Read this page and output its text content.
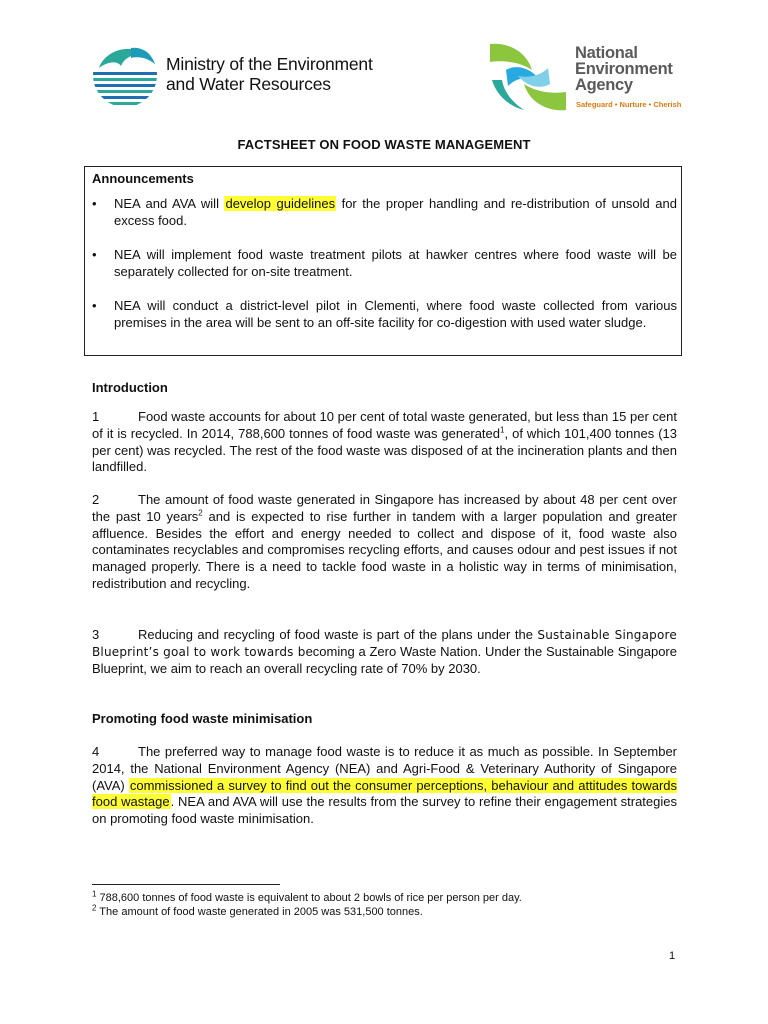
Ministry of the Environment
and Water Resources
National
Environment
Agency
Safeguard • Nurture • Cherish
FACTSHEET ON FOOD WASTE MANAGEMENT
Announcements
• NEA and AVA will develop guidelines for the proper handling and re-distribution of unsold and excess food.
• NEA will implement food waste treatment pilots at hawker centres where food waste will be separately collected for on-site treatment.
• NEA will conduct a district-level pilot in Clementi, where food waste collected from various premises in the area will be sent to an off-site facility for co-digestion with used water sludge.
Introduction

1	Food waste accounts for about 10 per cent of total waste generated, but less than 15 per cent of it is recycled. In 2014, 788,600 tonnes of food waste was generated$^1$, of which 101,400 tonnes (13 per cent) was recycled. The rest of the food waste was disposed of at the incineration plants and then landfilled.

2	The amount of food waste generated in Singapore has increased by about 48 per cent over the past 10 years$^2$ and is expected to rise further in tandem with a larger population and greater affluence. Besides the effort and energy needed to collect and dispose of it, food waste also contaminates recyclables and compromises recycling efforts, and causes odour and pest issues if not managed properly. There is a need to tackle food waste in a holistic way in terms of minimisation, redistribution and recycling.

3	Reducing and recycling of food waste is part of the plans under the Sustainable Singapore Blueprint’s goal to work towards becoming a Zero Waste Nation. Under the Sustainable Singapore Blueprint, we aim to reach an overall recycling rate of 70% by 2030.

Promoting food waste minimisation

4	The preferred way to manage food waste is to reduce it as much as possible. In September 2014, the National Environment Agency (NEA) and Agri-Food & Veterinary Authority of Singapore (AVA) commissioned a survey to find out the consumer perceptions, behaviour and attitudes towards food wastage. NEA and AVA will use the results from the survey to refine their engagement strategies on promoting food waste minimisation.

$^1$ 788,600 tonnes of food waste is equivalent to about 2 bowls of rice per person per day.
$^2$ The amount of food waste generated in 2005 was 531,500 tonnes.
1
